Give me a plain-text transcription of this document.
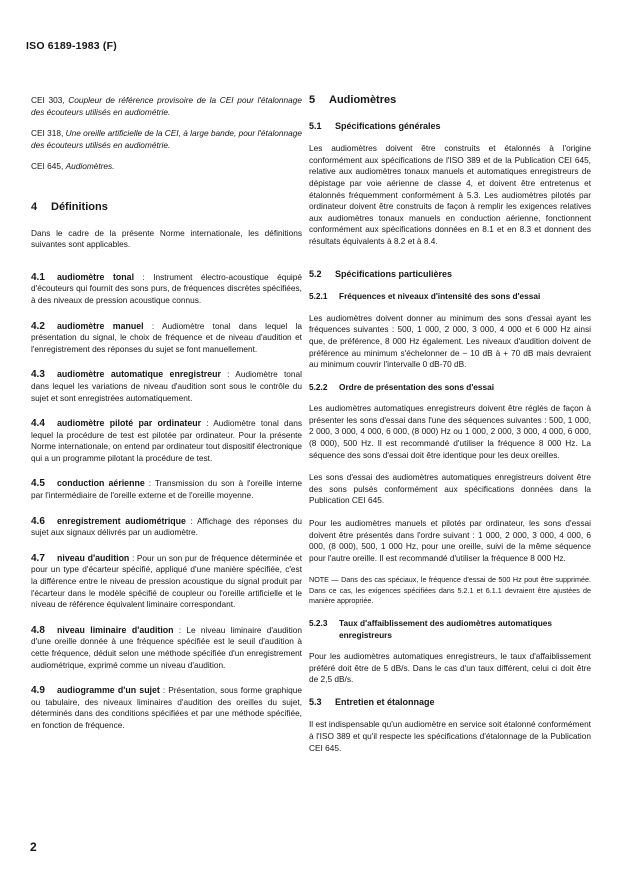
ISO 6189-1983 (F)

CEI 303, Coupleur de référence provisoire de la CEI pour l'étalonnage des écouteurs utilisés en audiométrie.

CEI 318, Une oreille artificielle de la CEI, à large bande, pour l'étalonnage des écouteurs utilisés en audiométrie.

CEI 645, Audiomètres.

4 Définitions

Dans le cadre de la présente Norme internationale, les définitions suivantes sont applicables.

4.1 audiomètre tonal : Instrument électro-acoustique équipé d'écouteurs qui fournit des sons purs, de fréquences discrètes spécifiées, à des niveaux de pression acoustique connus.
4.2 audiomètre manuel : Audiomètre tonal dans lequel la présentation du signal, le choix de fréquence et de niveau d'audition et l'enregistrement des réponses du sujet se font manuellement.
4.3 audiomètre automatique enregistreur : Audiomètre tonal dans lequel les variations de niveau d'audition sont sous le contrôle du sujet et sont enregistrées automatiquement.
4.4 audiomètre piloté par ordinateur : Audiomètre tonal dans lequel la procédure de test est pilotée par ordinateur. Pour la présente Norme internationale, on entend par ordinateur tout dispositif électronique qui a un programme pilotant la procédure de test.
4.5 conduction aérienne : Transmission du son à l'oreille interne par l'intermédiaire de l'oreille externe et de l'oreille moyenne.
4.6 enregistrement audiométrique : Affichage des réponses du sujet aux signaux délivrés par un audiomètre.
4.7 niveau d'audition : Pour un son pur de fréquence déterminée et pour un type d'écarteur spécifié, appliqué d'une manière spécifiée, c'est la différence entre le niveau de pression acoustique du signal produit par l'écarteur dans le modèle spécifié de coupleur ou l'oreille artificielle et le niveau de référence équivalent liminaire correspondant.
4.8 niveau liminaire d'audition : Le niveau liminaire d'audition d'une oreille donnée à une fréquence spécifiée est le seuil d'audition à cette fréquence, déduit selon une méthode spécifiée d'un enregistrement audiométrique, exprimé comme un niveau d'audition.
4.9 audiogramme d'un sujet : Présentation, sous forme graphique ou tabulaire, des niveaux liminaires d'audition des oreilles du sujet, déterminés dans des conditions spécifiées et par une méthode spécifiée, en fonction de fréquence.
5 Audiomètres
5.1 Spécifications générales

Les audiomètres doivent être construits et étalonnés à l'origine conformément aux spécifications de l'ISO 389 et de la Publication CEI 645, relative aux audiomètres tonaux manuels et automatiques enregistreurs de dépistage par voie aérienne de classe 4, et doivent être entretenus et étalonnés fréquemment conformément à 5.3. Les audiomètres pilotés par ordinateur doivent être construits de façon à remplir les exigences relatives aux audiomètres tonaux manuels en conduction aérienne, fonctionnent conformément aux spécifications données en 8.1 et en 8.3 et donnent des résultats équivalents à 8.2 et à 8.4.

5.2 Spécifications particulières
5.2.1 Fréquences et niveaux d'intensité des sons d'essai

Les audiomètres doivent donner au minimum des sons d'essai ayant les fréquences suivantes : 500, 1 000, 2 000, 3 000, 4 000 et 6 000 Hz ainsi que, de préférence, 8 000 Hz également. Les niveaux d'audition doivent de préférence au minimum s'échelonner de − 10 dB à + 70 dB mais devraient au minimum couvrir l'intervalle 0 dB-70 dB.

5.2.2 Ordre de présentation des sons d'essai

Les audiomètres automatiques enregistreurs doivent être réglés de façon à présenter les sons d'essai dans l'une des séquences suivantes : 500, 1 000, 2 000, 3 000, 4 000, 6 000, (8 000) Hz ou 1 000, 2 000, 3 000, 4 000, 6 000, (8 000), 500 Hz. Il est recommandé d'utiliser la fréquence 8 000 Hz. La séquence des sons d'essai doit être identique pour les deux oreilles.

Les sons d'essai des audiomètres automatiques enregistreurs doivent être des sons pulsés conformément aux spécifications données dans la Publication CEI 645.

Pour les audiomètres manuels et pilotés par ordinateur, les sons d'essai doivent être présentés dans l'ordre suivant : 1 000, 2 000, 3 000, 4 000, 6 000, (8 000), 500, 1 000 Hz, pour une oreille, suivi de la même séquence pour l'autre oreille. Il est recommandé d'utiliser la fréquence 8 000 Hz.

NOTE — Dans des cas spéciaux, le fréquence d'essai de 500 Hz pout être supprimée. Dans ce cas, les exigences spécifiées dans 5.2.1 et 6.1.1 devraient être ajustées de manière appropriée.

5.2.3	Taux d'affaiblissement des audiomètres automatiques enregistreurs

Pour les audiomètres automatiques enregistreurs, le taux d'affaiblissement préféré doit être de 5 dB/s. Dans le cas d'un taux différent, celui ci doit être de 2,5 dB/s.

5.3 Entretien et étalonnage

Il est indispensable qu'un audiomètre en service soit étalonné conformément à l'ISO 389 et qu'il respecte les spécifications d'étalonnage de la Publication CEI 645.

2
